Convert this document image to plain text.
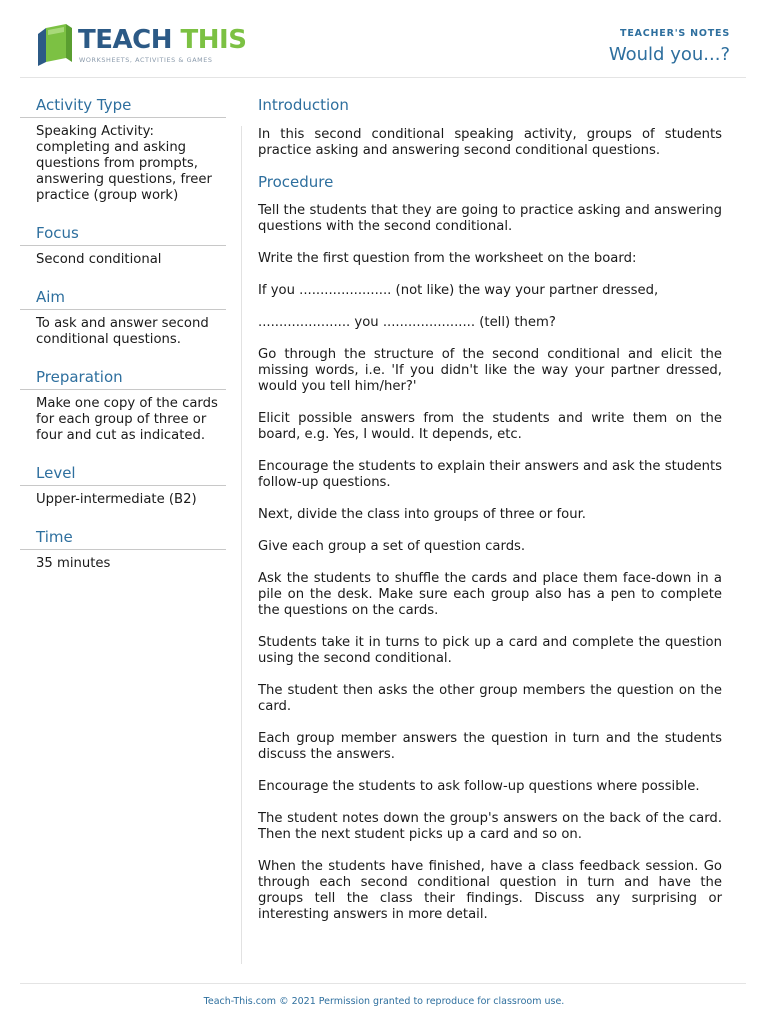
TEACH THIS
WORKSHEETS, ACTIVITIES & GAMES
TEACHER'S NOTES
Would you...?
Activity Type
Speaking Activity: completing and asking questions from prompts, answering questions, freer practice (group work)
Focus
Second conditional
Aim
To ask and answer second conditional questions.
Preparation
Make one copy of the cards for each group of three or four and cut as indicated.
Level
Upper-intermediate (B2)
Time
35 minutes
Introduction

In this second conditional speaking activity, groups of students practice asking and answering second conditional questions.

Procedure

Tell the students that they are going to practice asking and answering questions with the second conditional.

Write the first question from the worksheet on the board:

If you ...................... (not like) the way your partner dressed,

...................... you ...................... (tell) them?

Go through the structure of the second conditional and elicit the missing words, i.e. 'If you didn't like the way your partner dressed, would you tell him/her?'

Elicit possible answers from the students and write them on the board, e.g. Yes, I would. It depends, etc.

Encourage the students to explain their answers and ask the students follow-up questions.

Next, divide the class into groups of three or four.

Give each group a set of question cards.

Ask the students to shuffle the cards and place them face-down in a pile on the desk. Make sure each group also has a pen to complete the questions on the cards.

Students take it in turns to pick up a card and complete the question using the second conditional.

The student then asks the other group members the question on the card.

Each group member answers the question in turn and the students discuss the answers.

Encourage the students to ask follow-up questions where possible.

The student notes down the group's answers on the back of the card. Then the next student picks up a card and so on.

When the students have finished, have a class feedback session. Go through each second conditional question in turn and have the groups tell the class their findings. Discuss any surprising or interesting answers in more detail.

Teach-This.com © 2021 Permission granted to reproduce for classroom use.
